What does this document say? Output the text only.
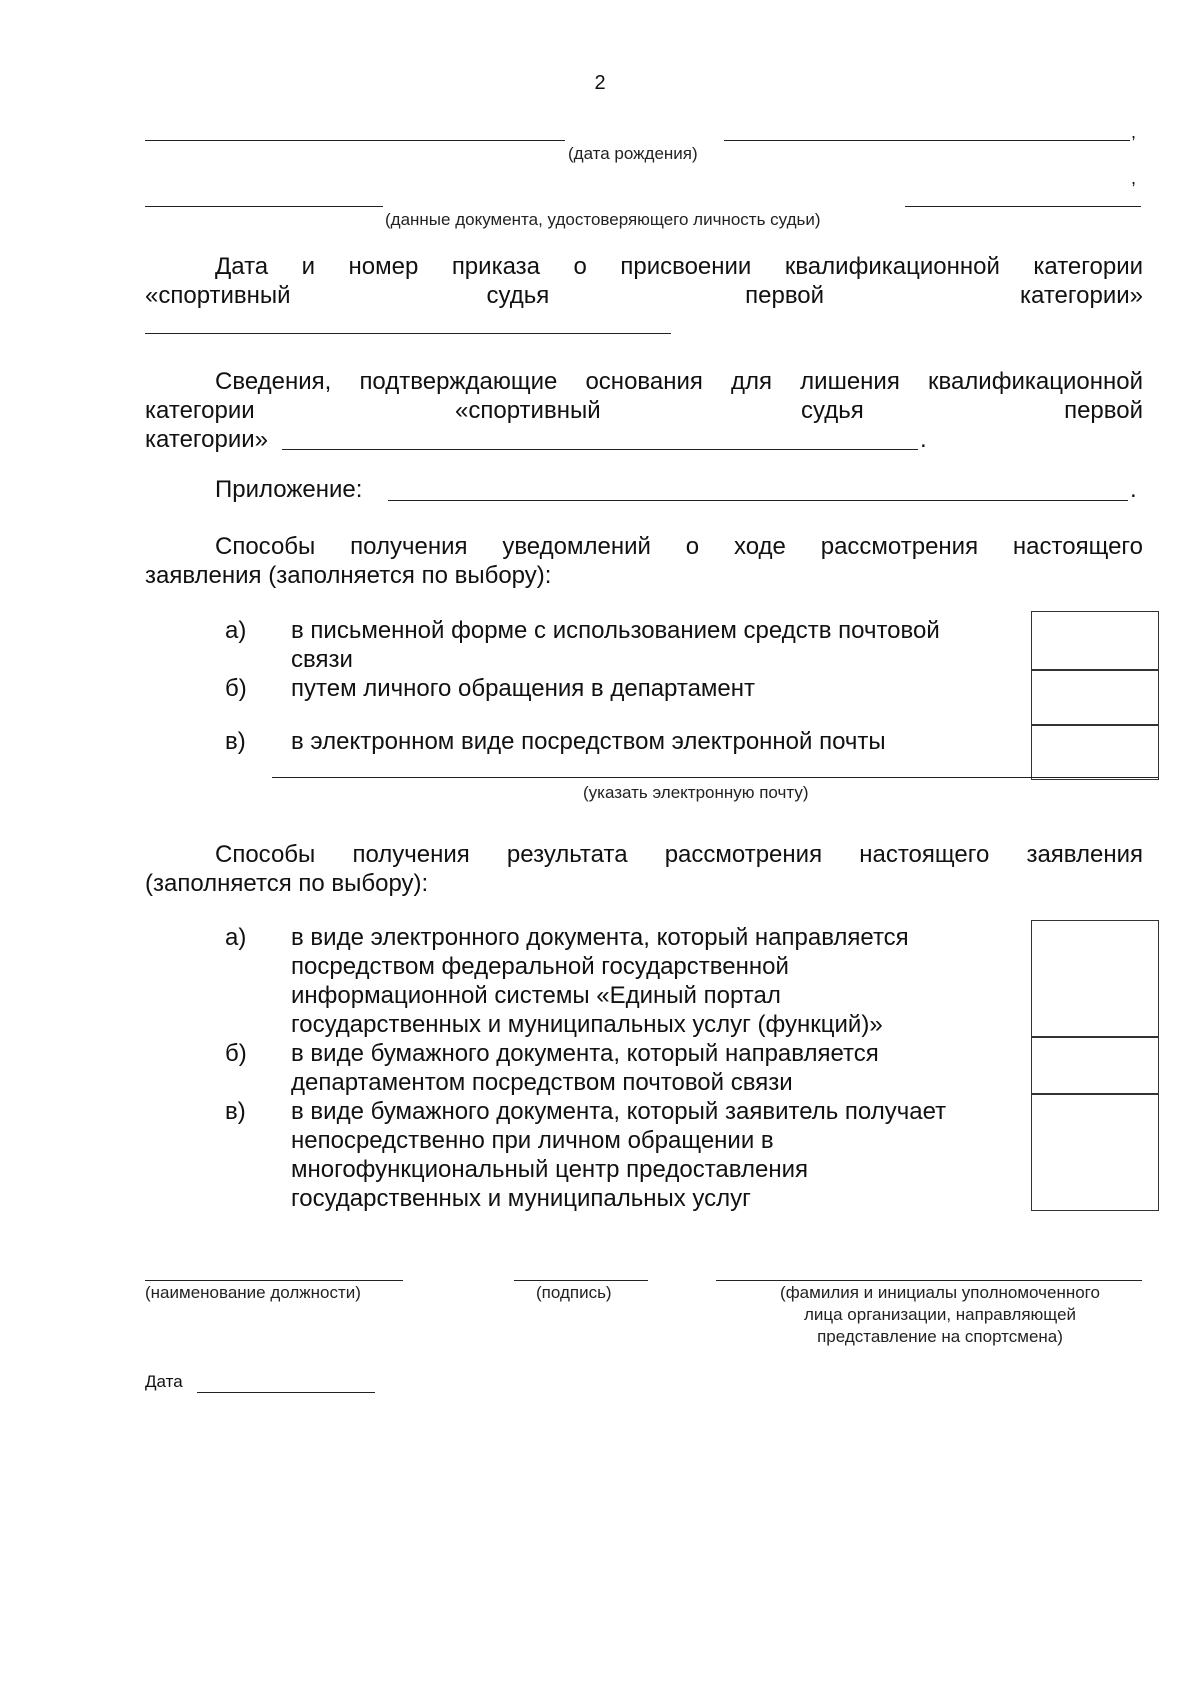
2
,
(дата рождения)
,
(данные документа, удостоверяющего личность судьи)
Дата и номер приказа о присвоении квалификационной категории
«спортивный судья первой категории»
Сведения, подтверждающие основания для лишения квалификационной
категории «спортивный судья первой
категории»	.
Приложение:	.
Способы получения уведомлений о ходе рассмотрения настоящего
заявления (заполняется по выбору):
а) в письменной форме с использованием средств почтовой
связи
б) путем личного обращения в департамент
в) в электронном виде посредством электронной почты
(указать электронную почту)
Способы получения результата рассмотрения настоящего заявления
(заполняется по выбору):
а) в виде электронного документа, который направляется
посредством федеральной государственной
информационной системы «Единый портал
государственных и муниципальных услуг (функций)»
б) в виде бумажного документа, который направляется
департаментом посредством почтовой связи
в) в виде бумажного документа, который заявитель получает
непосредственно при личном обращении в
многофункциональный центр предоставления
государственных и муниципальных услуг
(наименование должности)	(подпись)	(фамилия и инициалы уполномоченного
лица организации, направляющей
представление на спортсмена)
Дата
